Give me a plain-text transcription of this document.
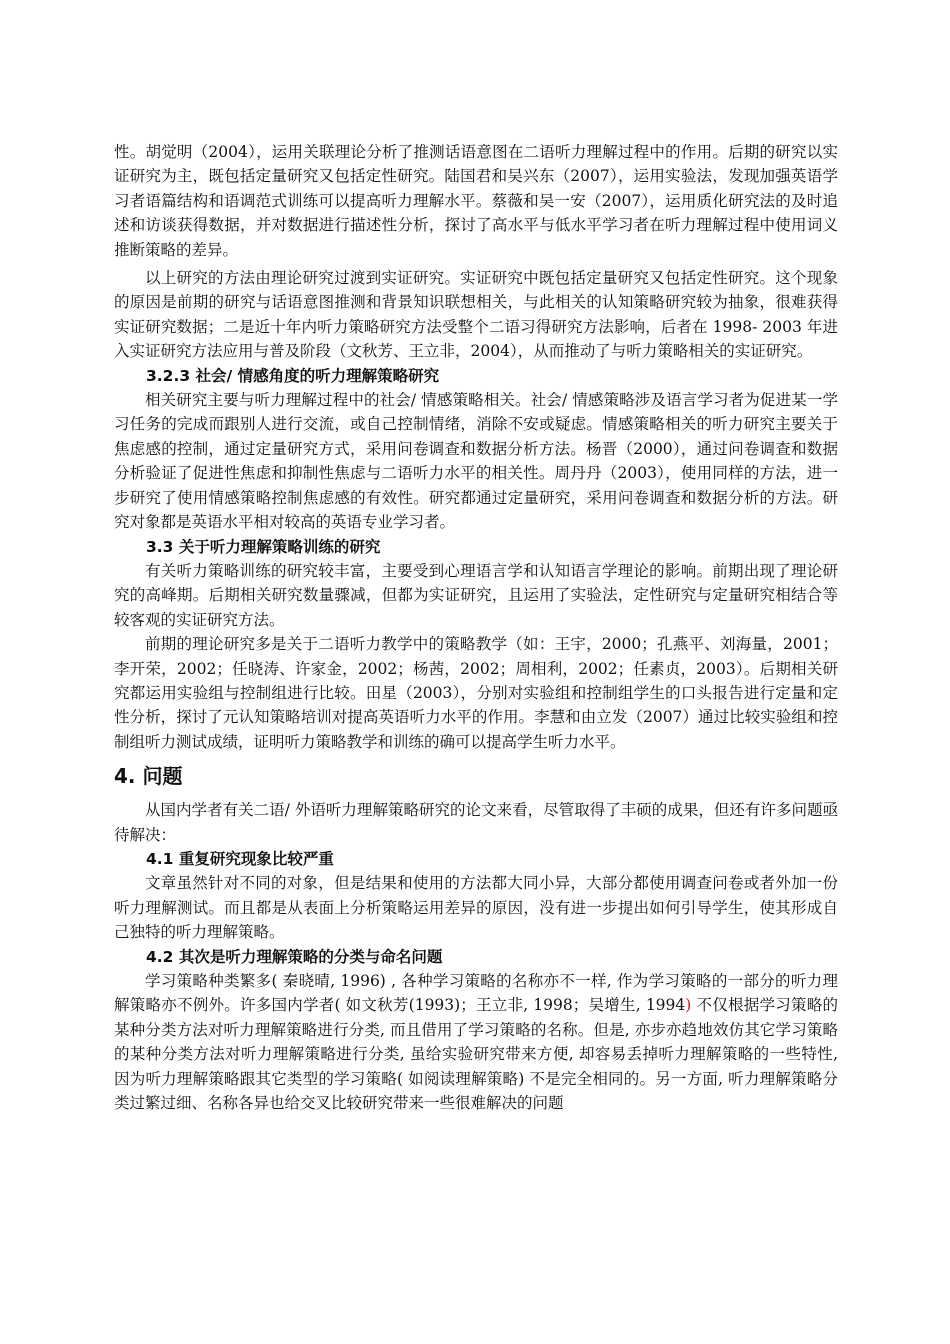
性。胡觉明（2004），运用关联理论分析了推测话语意图在二语听力理解过程中的作用。后期的研究以实证研究为主，既包括定量研究又包括定性研究。陆国君和吴兴东（2007），运用实验法，发现加强英语学习者语篇结构和语调范式训练可以提高听力理解水平。蔡薇和吴一安（2007），运用质化研究法的及时追述和访谈获得数据，并对数据进行描述性分析，探讨了高水平与低水平学习者在听力理解过程中使用词义推断策略的差异。

以上研究的方法由理论研究过渡到实证研究。实证研究中既包括定量研究又包括定性研究。这个现象的原因是前期的研究与话语意图推测和背景知识联想相关，与此相关的认知策略研究较为抽象，很难获得实证研究数据；二是近十年内听力策略研究方法受整个二语习得研究方法影响，后者在 1998- 2003 年进入实证研究方法应用与普及阶段（文秋芳、王立非，2004），从而推动了与听力策略相关的实证研究。

3.2.3 社会/ 情感角度的听力理解策略研究

相关研究主要与听力理解过程中的社会/ 情感策略相关。社会/ 情感策略涉及语言学习者为促进某一学习任务的完成而跟别人进行交流，或自己控制情绪，消除不安或疑虑。情感策略相关的听力研究主要关于焦虑感的控制，通过定量研究方式，采用问卷调查和数据分析方法。杨晋（2000），通过问卷调查和数据分析验证了促进性焦虑和抑制性焦虑与二语听力水平的相关性。周丹丹（2003），使用同样的方法，进一步研究了使用情感策略控制焦虑感的有效性。研究都通过定量研究，采用问卷调查和数据分析的方法。研究对象都是英语水平相对较高的英语专业学习者。

3.3 关于听力理解策略训练的研究

有关听力策略训练的研究较丰富，主要受到心理语言学和认知语言学理论的影响。前期出现了理论研究的高峰期。后期相关研究数量骤减，但都为实证研究，且运用了实验法，定性研究与定量研究相结合等较客观的实证研究方法。

前期的理论研究多是关于二语听力教学中的策略教学（如：王宇，2000；孔燕平、刘海量，2001；李开荣，2002；任晓涛、许家金，2002；杨茜，2002；周相利，2002；任素贞，2003）。后期相关研究都运用实验组与控制组进行比较。田星（2003），分别对实验组和控制组学生的口头报告进行定量和定性分析，探讨了元认知策略培训对提高英语听力水平的作用。李慧和由立发（2007）通过比较实验组和控制组听力测试成绩，证明听力策略教学和训练的确可以提高学生听力水平。

4. 问题

从国内学者有关二语/ 外语听力理解策略研究的论文来看，尽管取得了丰硕的成果，但还有许多问题亟待解决：

4.1 重复研究现象比较严重

文章虽然针对不同的对象，但是结果和使用的方法都大同小异，大部分都使用调查问卷或者外加一份听力理解测试。而且都是从表面上分析策略运用差异的原因，没有进一步提出如何引导学生，使其形成自己独特的听力理解策略。

4.2 其次是听力理解策略的分类与命名问题

学习策略种类繁多( 秦晓晴, 1996) , 各种学习策略的名称亦不一样, 作为学习策略的一部分的听力理解策略亦不例外。许多国内学者( 如文秋芳(1993)；王立非, 1998；吴增生, 1994) 不仅根据学习策略的某种分类方法对听力理解策略进行分类, 而且借用了学习策略的名称。但是, 亦步亦趋地效仿其它学习策略的某种分类方法对听力理解策略进行分类, 虽给实验研究带来方便, 却容易丢掉听力理解策略的一些特性, 因为听力理解策略跟其它类型的学习策略( 如阅读理解策略) 不是完全相同的。另一方面, 听力理解策略分类过繁过细、名称各异也给交叉比较研究带来一些很难解决的问题
